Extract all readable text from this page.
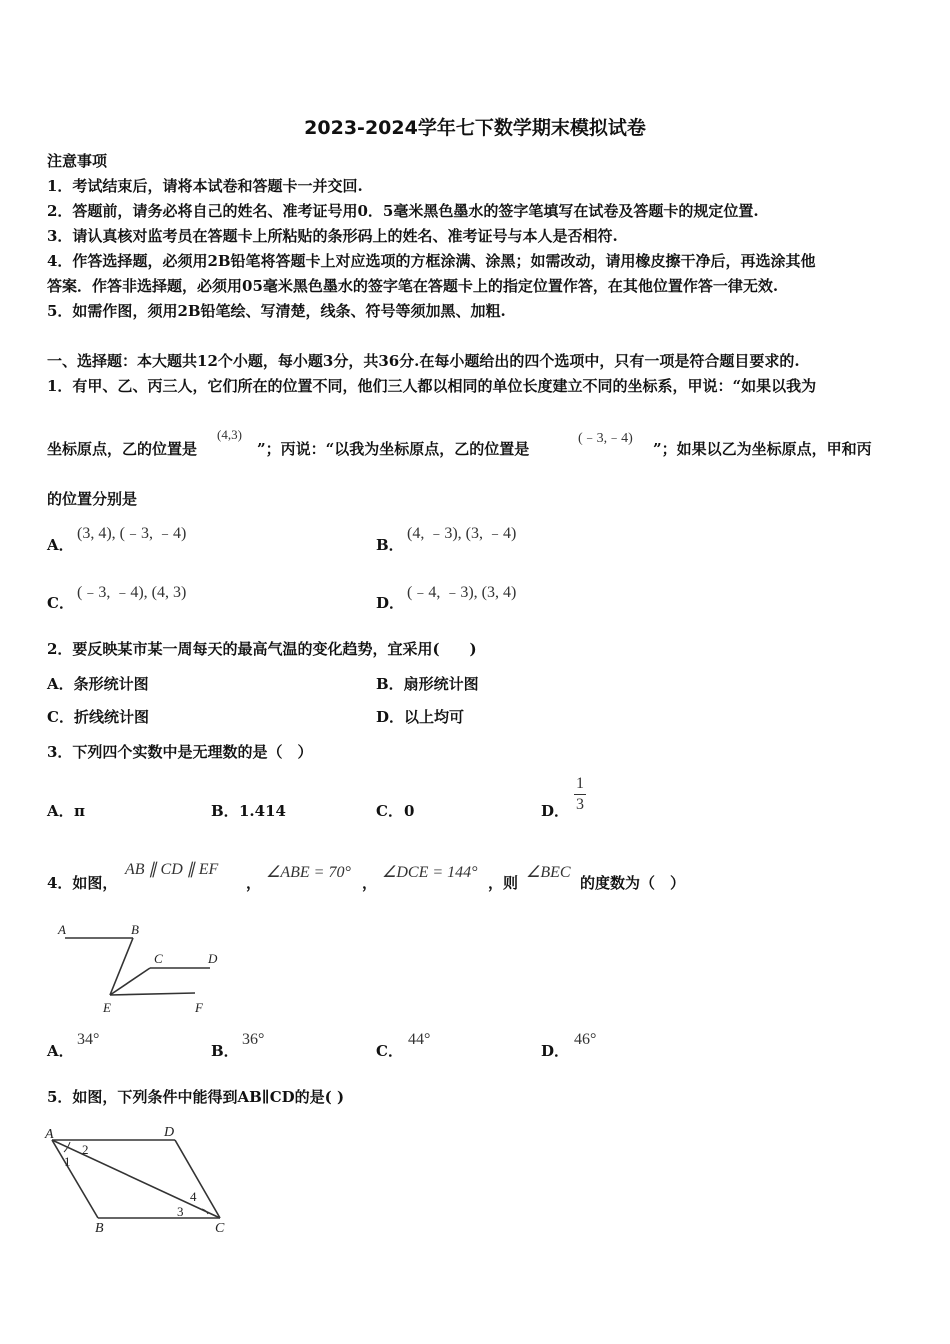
2023-2024学年七下数学期末模拟试卷
注意事项
1．考试结束后，请将本试卷和答题卡一并交回.
2．答题前，请务必将自己的姓名、准考证号用0．5毫米黑色墨水的签字笔填写在试卷及答题卡的规定位置.
3．请认真核对监考员在答题卡上所粘贴的条形码上的姓名、准考证号与本人是否相符.
4．作答选择题，必须用2B铅笔将答题卡上对应选项的方框涂满、涂黑；如需改动，请用橡皮擦干净后，再选涂其他
答案．作答非选择题，必须用05毫米黑色墨水的签字笔在答题卡上的指定位置作答，在其他位置作答一律无效.
5．如需作图，须用2B铅笔绘、写清楚，线条、符号等须加黑、加粗.
一、选择题：本大题共12个小题，每小题3分，共36分.在每小题给出的四个选项中，只有一项是符合题目要求的.
1．有甲、乙、丙三人，它们所在的位置不同，他们三人都以相同的单位长度建立不同的坐标系，甲说：“如果以我为
坐标原点，乙的位置是
(4,3)
”；丙说：“以我为坐标原点，乙的位置是
(﹣3,﹣4)
”；如果以乙为坐标原点，甲和丙
的位置分别是
A．
(3, 4), (﹣3, ﹣4)
B．
(4, ﹣3), (3, ﹣4)
C．
(﹣3, ﹣4), (4, 3)
D．
(﹣4, ﹣3), (3, 4)
2．要反映某市某一周每天的最高气温的变化趋势，宜采用(　　)
A．条形统计图	B．扇形统计图
C．折线统计图	D．以上均可
3．下列四个实数中是无理数的是（　）
A． π	B． 1.414	C． 0	D．
1
3
4．如图，
AB ∥ CD ∥ EF
，
∠ABE = 70°
，
∠DCE = 144°
，则
∠BEC
的度数为（　）
A	B
C	D
E	F
A．
34°
B．
36°
C．
44°
D．
46°
5．如图，下列条件中能得到AB∥CD的是( )
A	D
B	C
1
2
3
4
